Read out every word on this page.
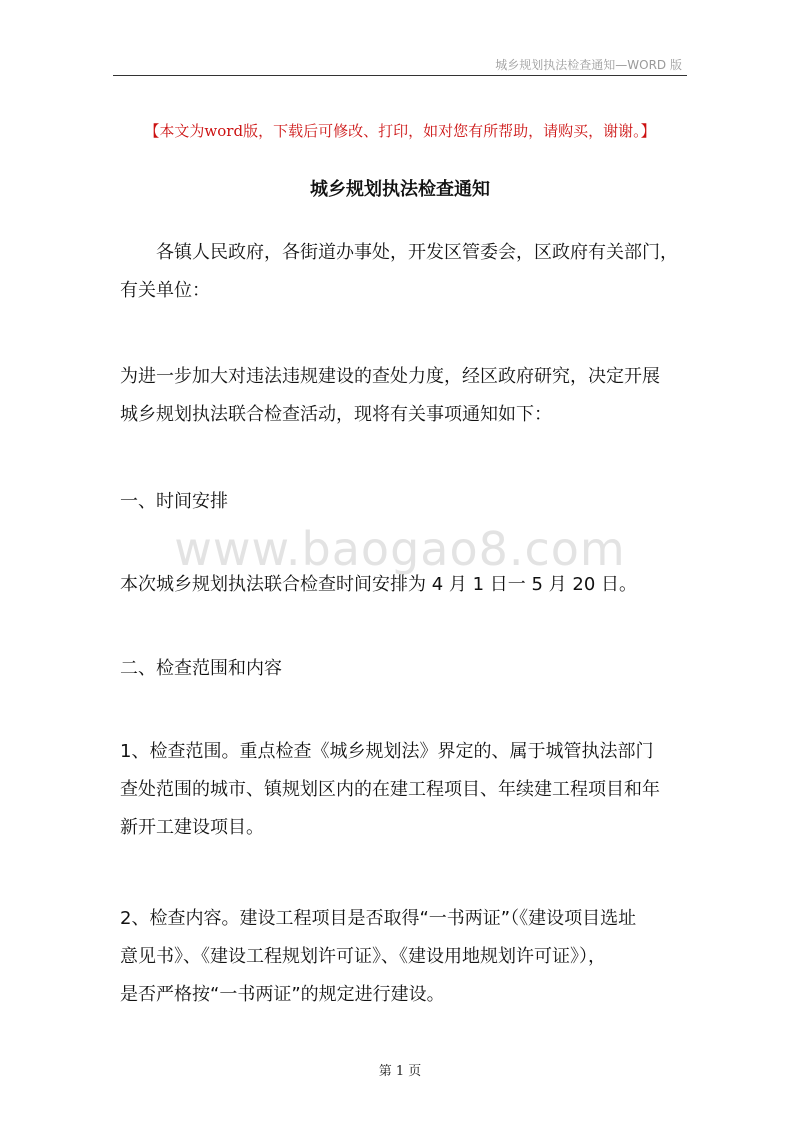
城乡规划执法检查通知—WORD 版
【本文为word版，下载后可修改、打印，如对您有所帮助，请购买，谢谢。】
城乡规划执法检查通知
各镇人民政府，各街道办事处，开发区管委会，区政府有关部门，
有关单位：
为进一步加大对违法违规建设的查处力度，经区政府研究，决定开展
城乡规划执法联合检查活动，现将有关事项通知如下：
一、时间安排
www.baogao8.com
本次城乡规划执法联合检查时间安排为 4 月 1 日一 5 月 20 日。
二、检查范围和内容
1、检查范围。重点检查《城乡规划法》界定的、属于城管执法部门
查处范围的城市、镇规划区内的在建工程项目、年续建工程项目和年
新开工建设项目。
2、检查内容。建设工程项目是否取得“一书两证”（《建设项目选址
意见书》、《建设工程规划许可证》、《建设用地规划许可证》），
是否严格按“一书两证”的规定进行建设。
第 1 页
